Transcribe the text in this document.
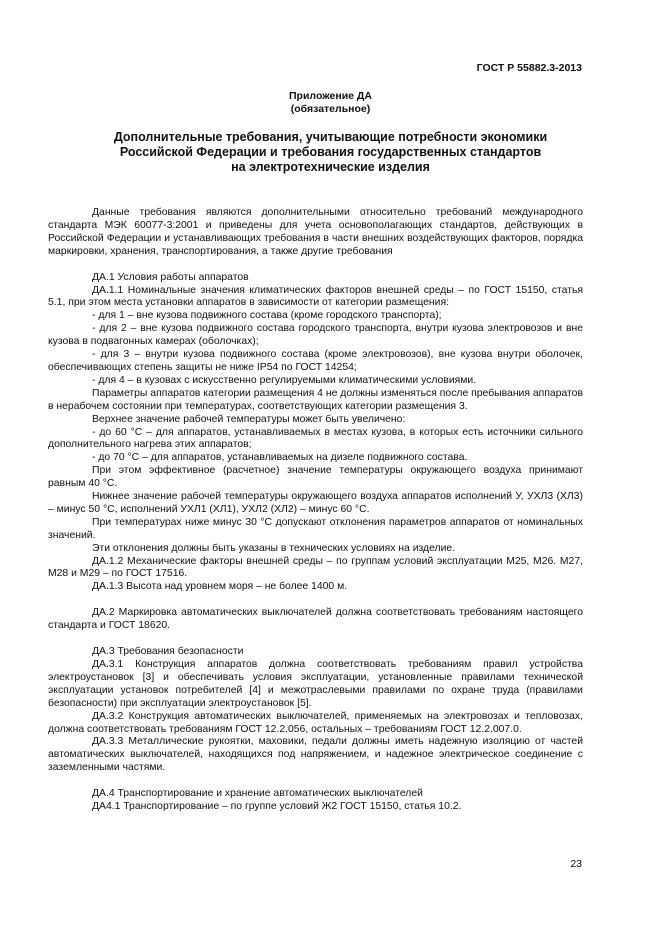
ГОСТ Р 55882.3-2013
Приложение ДА
(обязательное)
Дополнительные требования, учитывающие потребности экономики
Российской Федерации и требования государственных стандартов
на электротехнические изделия

Данные требования являются дополнительными относительно требований международного стандарта МЭК 60077-3:2001 и приведены для учета основополагающих стандартов, действующих в Российской Федерации и устанавливающих требования в части внешних воздействующих факторов, порядка маркировки, хранения, транспортирования, а также другие требования

ДА.1 Условия работы аппаратов

ДА.1.1 Номинальные значения климатических факторов внешней среды – по ГОСТ 15150, статья 5.1, при этом места установки аппаратов в зависимости от категории размещения:

- для 1 – вне кузова подвижного состава (кроме городского транспорта);

- для 2 – вне кузова подвижного состава городского транспорта, внутри кузова электровозов и вне кузова в подвагонных камерах (оболочках);

- для 3 – внутри кузова подвижного состава (кроме электровозов), вне кузова внутри оболочек, обеспечивающих степень защиты не ниже IP54 по ГОСТ 14254;

- для 4 – в кузовах с искусственно регулируемыми климатическими условиями.

Параметры аппаратов категории размещения 4 не должны изменяться после пребывания аппаратов в нерабочем состоянии при температурах, соответствующих категории размещения 3.

Верхнее значение рабочей температуры может быть увеличено:

- до 60 °С – для аппаратов, устанавливаемых в местах кузова, в которых есть источники сильного дополнительного нагрева этих аппаратов;

- до 70 °С – для аппаратов, устанавливаемых на дизеле подвижного состава.

При этом эффективное (расчетное) значение температуры окружающего воздуха принимают равным 40 °С.

Нижнее значение рабочей температуры окружающего воздуха аппаратов исполнений У, УХЛ3 (ХЛ3) – минус 50 °С, исполнений УХЛ1 (ХЛ1), УХЛ2 (ХЛ2) – минус 60 °С.

При температурах ниже минус 30 °С допускают отклонения параметров аппаратов от номинальных значений.

Эти отклонения должны быть указаны в технических условиях на изделие.

ДА.1.2 Механические факторы внешней среды – по группам условий эксплуатации М25, М26. М27, М28 и М29 – по ГОСТ 17516.

ДА.1.3 Высота над уровнем моря – не более 1400 м.

ДА.2 Маркировка автоматических выключателей должна соответствовать требованиям настоящего стандарта и ГОСТ 18620.

ДА.3 Требования безопасности

ДА.3.1 Конструкция аппаратов должна соответствовать требованиям правил устройства электроустановок [3] и обеспечивать условия эксплуатации, установленные правилами технической эксплуатации установок потребителей [4] и межотраслевыми правилами по охране труда (правилами безопасности) при эксплуатации электроустановок [5].

ДА.3.2 Конструкция автоматических выключателей, применяемых на электровозах и тепловозах, должна соответствовать требованиям ГОСТ 12.2.056, остальных – требованиям ГОСТ 12.2.007.0.

ДА.3.3 Металлические рукоятки, маховики, педали должны иметь надежную изоляцию от частей автоматических выключателей, находящихся под напряжением, и надежное электрическое соединение с заземленными частями.

ДА.4 Транспортирование и хранение автоматических выключателей

ДА4.1 Транспортирование – по группе условий Ж2 ГОСТ 15150, статья 10.2.

23
